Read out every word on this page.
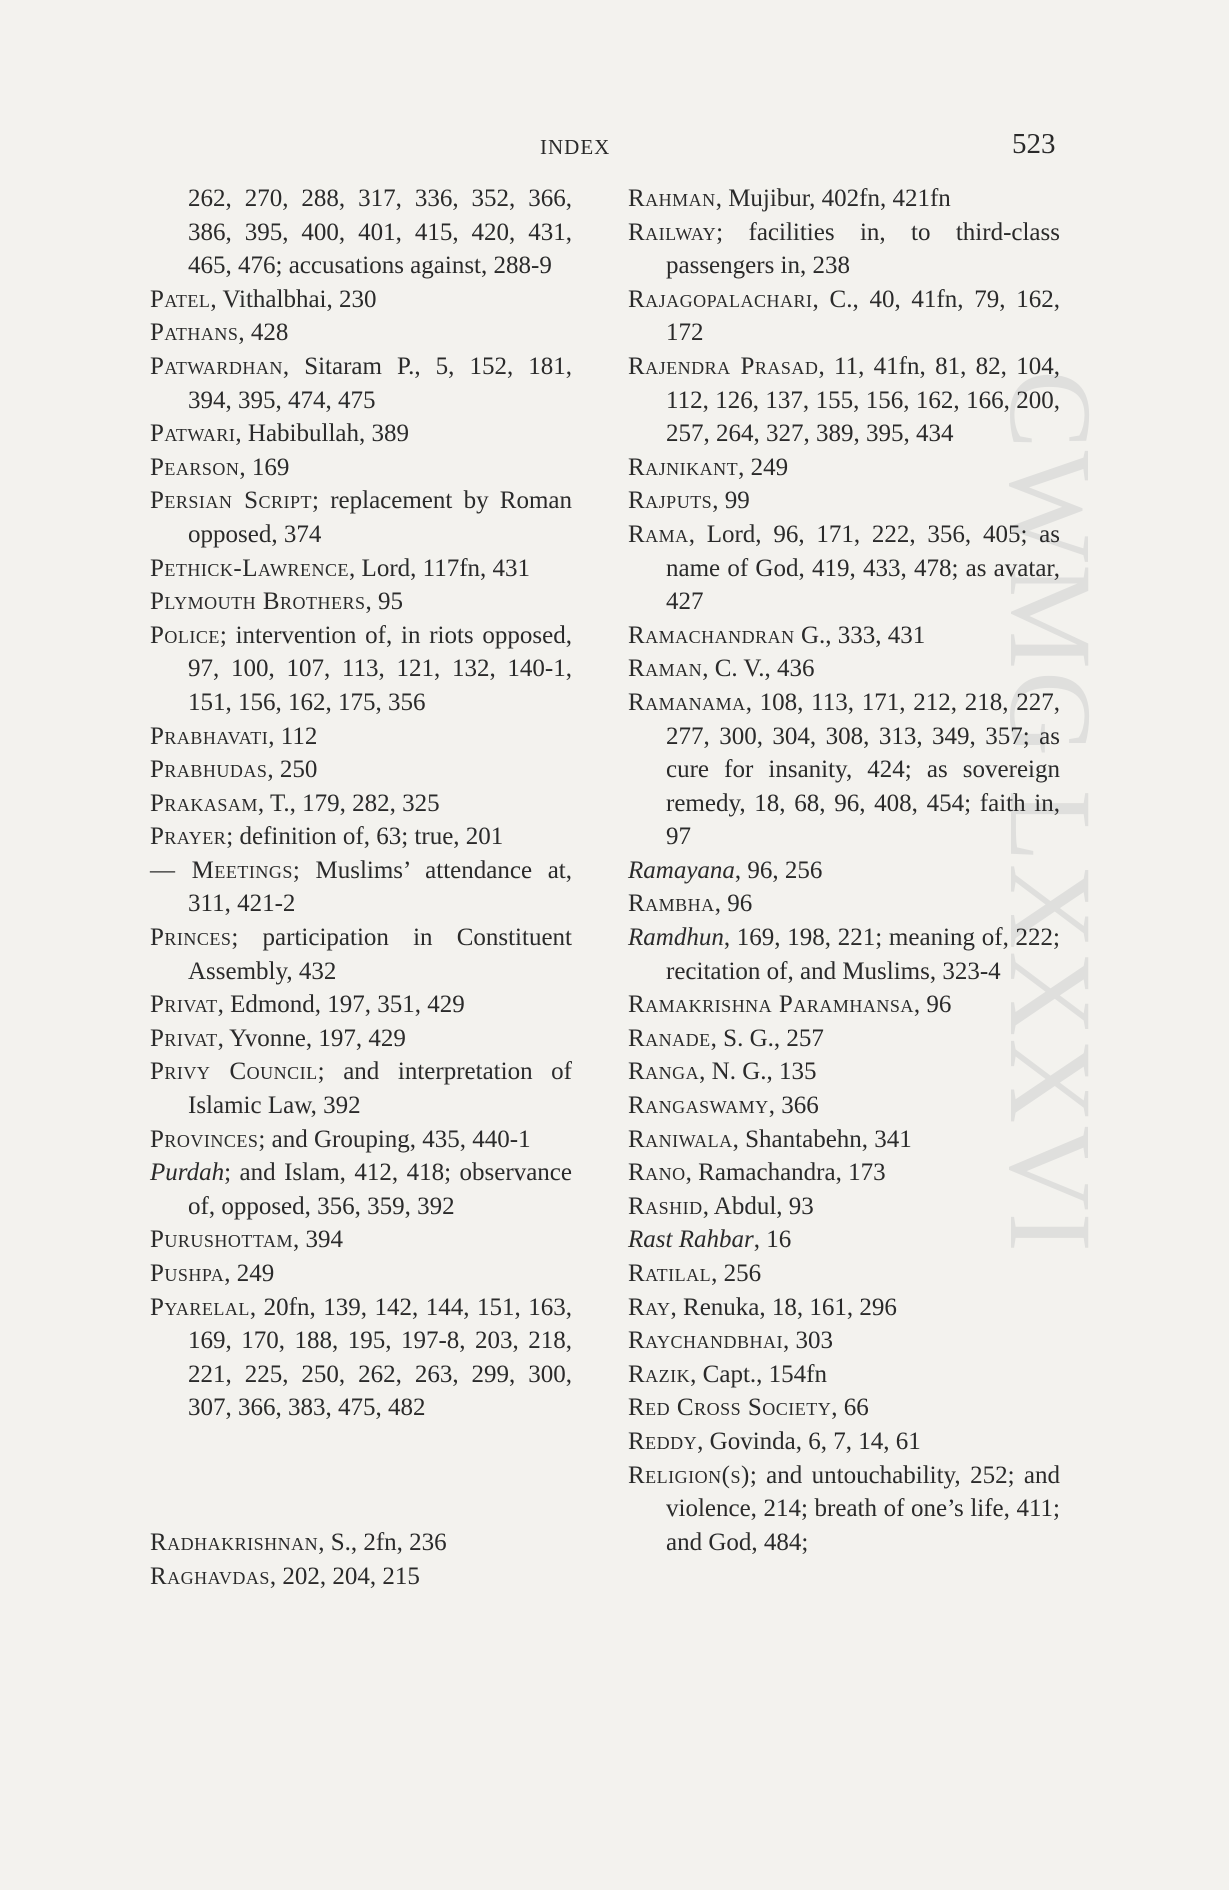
CWMG LXXXVI
INDEX	523

262, 270, 288, 317, 336, 352, 366, 386, 395, 400, 401, 415, 420, 431, 465, 476; accusations against, 288-9

Patel, Vithalbhai, 230

Pathans, 428

Patwardhan, Sitaram P., 5, 152, 181, 394, 395, 474, 475

Patwari, Habibullah, 389

Pearson, 169

Persian Script; replacement by Roman opposed, 374

Pethick-Lawrence, Lord, 117fn, 431

Plymouth Brothers, 95

Police; intervention of, in riots opposed, 97, 100, 107, 113, 121, 132, 140-1, 151, 156, 162, 175, 356

Prabhavati, 112

Prabhudas, 250

Prakasam, T., 179, 282, 325

Prayer; definition of, 63; true, 201

— Meetings; Muslims’ attendance at, 311, 421-2

Princes; participation in Constituent Assembly, 432

Privat, Edmond, 197, 351, 429

Privat, Yvonne, 197, 429

Privy Council; and interpretation of Islamic Law, 392

Provinces; and Grouping, 435, 440-1

Purdah; and Islam, 412, 418; observance of, opposed, 356, 359, 392

Purushottam, 394

Pushpa, 249

Pyarelal, 20fn, 139, 142, 144, 151, 163, 169, 170, 188, 195, 197-8, 203, 218, 221, 225, 250, 262, 263, 299, 300, 307, 366, 383, 475, 482

Radhakrishnan, S., 2fn, 236

Raghavdas, 202, 204, 215

Rahman, Mujibur, 402fn, 421fn

Railway; facilities in, to third-class passengers in, 238

Rajagopalachari, C., 40, 41fn, 79, 162, 172

Rajendra Prasad, 11, 41fn, 81, 82, 104, 112, 126, 137, 155, 156, 162, 166, 200, 257, 264, 327, 389, 395, 434

Rajnikant, 249

Rajputs, 99

Rama, Lord, 96, 171, 222, 356, 405; as name of God, 419, 433, 478; as avatar, 427

Ramachandran G., 333, 431

Raman, C. V., 436

Ramanama, 108, 113, 171, 212, 218, 227, 277, 300, 304, 308, 313, 349, 357; as cure for insanity, 424; as sovereign remedy, 18, 68, 96, 408, 454; faith in, 97

Ramayana, 96, 256

Rambha, 96

Ramdhun, 169, 198, 221; meaning of, 222; recitation of, and Muslims, 323-4

Ramakrishna Paramhansa, 96

Ranade, S. G., 257

Ranga, N. G., 135

Rangaswamy, 366

Raniwala, Shantabehn, 341

Rano, Ramachandra, 173

Rashid, Abdul, 93

Rast Rahbar, 16

Ratilal, 256

Ray, Renuka, 18, 161, 296

Raychandbhai, 303

Razik, Capt., 154fn

Red Cross Society, 66

Reddy, Govinda, 6, 7, 14, 61

Religion(s); and untouchability, 252; and violence, 214; breath of one’s life, 411; and God, 484;
